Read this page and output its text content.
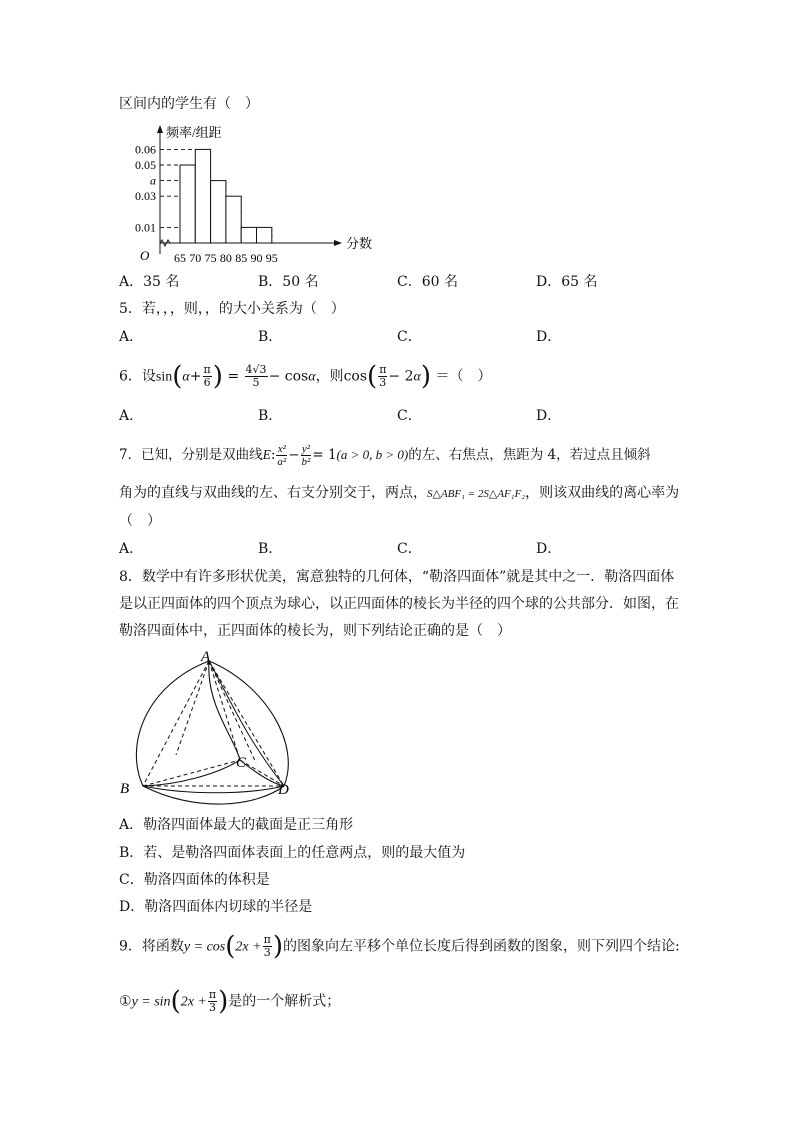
区间内的学生有（　）
频率/组距
分数
O
0.06
0.05
a
0.03
0.01
65 70 75 80 85 90 95
A．35 名	B．50 名	C．60 名	D．65 名
5．若，，，则，，的大小关系为（　）
A．	B．	C．	D．
6．设$\sin(\alpha+ \frac{\pi}{6}$ ) = $\frac{4√3}{5} - \cos\alpha$，则$\cos( \frac{\pi}{3} - 2\alpha)$ ＝（　）
A．	B．	C．	D．
7．已知，分别是双曲线E: $\frac{\text{x²}}{\text{a²}} - \frac{\text{y²}}{\text{b²}} = 1(a > 0$, b > 0)的左、右焦点，焦距为 4，若过点且倾斜
角为的直线与双曲线的左、右支分别交于，两点，S△ABF₁ = 2S△AF₁F₂，则该双曲线的离心率为
（　）
A．	B．	C．	D．
8．数学中有许多形状优美，寓意独特的几何体，“勒洛四面体”就是其中之一．勒洛四面体
是以正四面体的四个顶点为球心，以正四面体的棱长为半径的四个球的公共部分．如图，在
勒洛四面体中，正四面体的棱长为，则下列结论正确的是（　）
A
B
C
D
A．勒洛四面体最大的截面是正三角形
B．若、是勒洛四面体表面上的任意两点，则的最大值为
C．勒洛四面体的体积是
D．勒洛四面体内切球的半径是
9．将函数$y = \cos(2x + \frac{\pi}{3}$ )的图象向左平移个单位长度后得到函数的图象，则下列四个结论:
①y = $\sin(2x + \frac{\pi}{3}$ )是的一个解析式；
